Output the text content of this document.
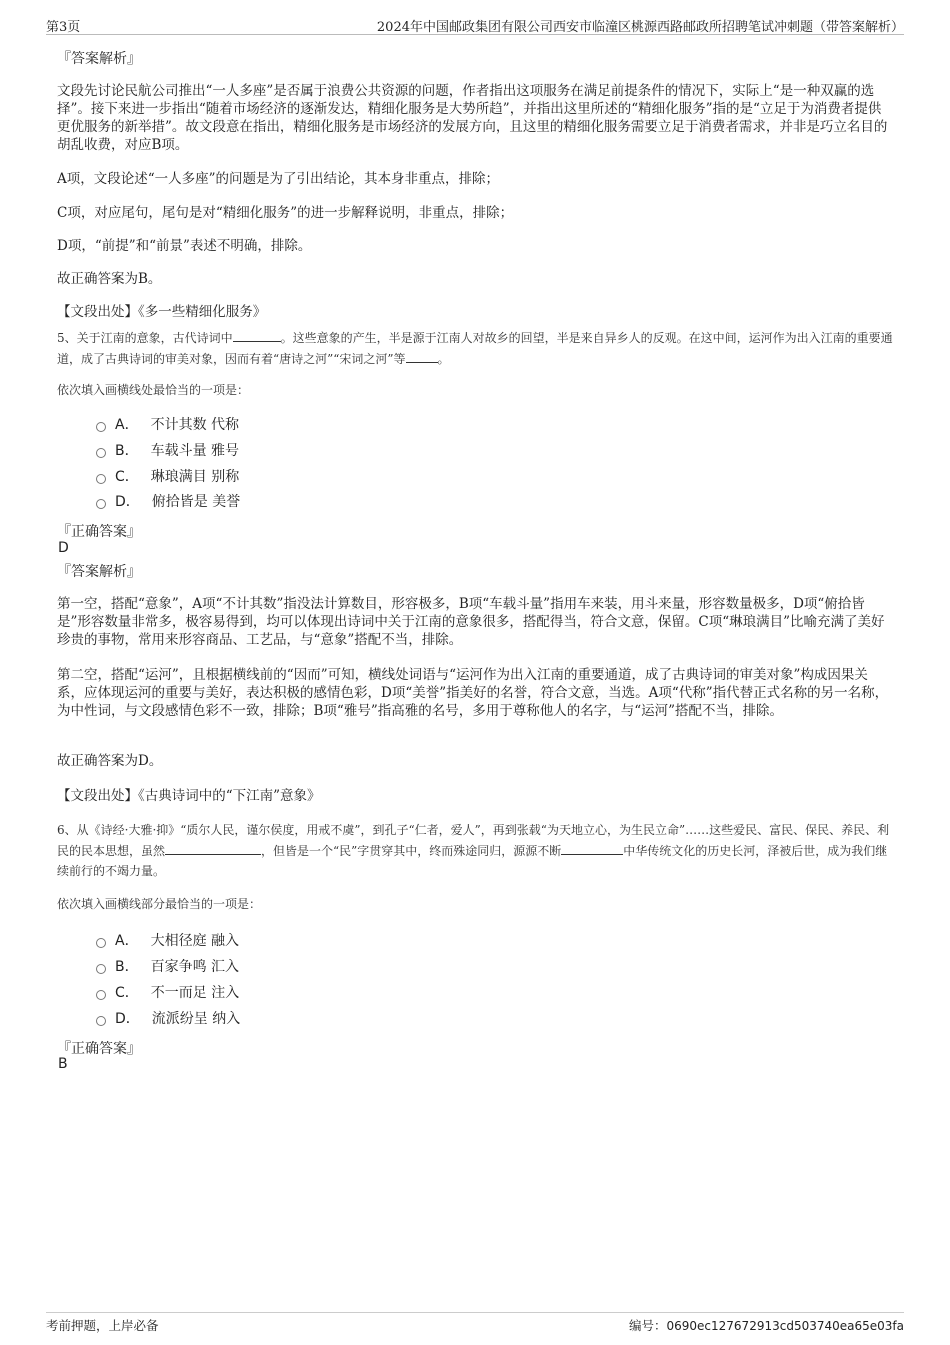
第3页	2024年中国邮政集团有限公司西安市临潼区桃源西路邮政所招聘笔试冲刺题（带答案解析）

『答案解析』

文段先讨论民航公司推出“一人多座”是否属于浪费公共资源的问题，作者指出这项服务在满足前提条件的情况下，实际上“是一种双赢的选择”。接下来进一步指出“随着市场经济的逐渐发达，精细化服务是大势所趋”，并指出这里所述的“精细化服务”指的是“立足于为消费者提供更优服务的新举措”。故文段意在指出，精细化服务是市场经济的发展方向，且这里的精细化服务需要立足于消费者需求，并非是巧立名目的胡乱收费，对应B项。

A项，文段论述“一人多座”的问题是为了引出结论，其本身非重点，排除；

C项，对应尾句，尾句是对“精细化服务”的进一步解释说明，非重点，排除；

D项，“前提”和“前景”表述不明确，排除。

故正确答案为B。

【文段出处】《多一些精细化服务》

5、关于江南的意象，古代诗词中	。这些意象的产生，半是源于江南人对故乡的回望，半是来自异乡人的反观。在这中间，运河作为出入江南的重要通道，成了古典诗词的审美对象，因而有着“唐诗之河”“宋词之河”等	。

依次填入画横线处最恰当的一项是：

A． 不计其数 代称
B． 车载斗量 雅号
C． 琳琅满目 别称
D． 俯拾皆是 美誉

『正确答案』

D

『答案解析』

第一空，搭配“意象”，A项“不计其数”指没法计算数目，形容极多，B项“车载斗量”指用车来装，用斗来量，形容数量极多，D项“俯拾皆是”形容数量非常多，极容易得到，均可以体现出诗词中关于江南的意象很多，搭配得当，符合文意，保留。C项“琳琅满目”比喻充满了美好珍贵的事物，常用来形容商品、工艺品，与“意象”搭配不当，排除。

第二空，搭配“运河”，且根据横线前的“因而”可知，横线处词语与“运河作为出入江南的重要通道，成了古典诗词的审美对象”构成因果关系，应体现运河的重要与美好，表达积极的感情色彩，D项“美誉”指美好的名誉，符合文意，当选。A项“代称”指代替正式名称的另一名称，为中性词，与文段感情色彩不一致，排除；B项“雅号”指高雅的名号，多用于尊称他人的名字，与“运河”搭配不当，排除。

故正确答案为D。

【文段出处】《古典诗词中的“下江南”意象》

6、从《诗经·大雅·抑》“质尔人民，谨尔侯度，用戒不虞”，到孔子“仁者，爱人”，再到张载“为天地立心，为生民立命”……这些爱民、富民、保民、养民、利民的民本思想，虽然	，但皆是一个“民”字贯穿其中，终而殊途同归，源源不断	中华传统文化的历史长河，泽被后世，成为我们继续前行的不竭力量。

依次填入画横线部分最恰当的一项是：

A． 大相径庭 融入
B． 百家争鸣 汇入
C． 不一而足 注入
D． 流派纷呈 纳入

『正确答案』

B

考前押题，上岸必备	编号：0690ec127672913cd503740ea65e03fa
